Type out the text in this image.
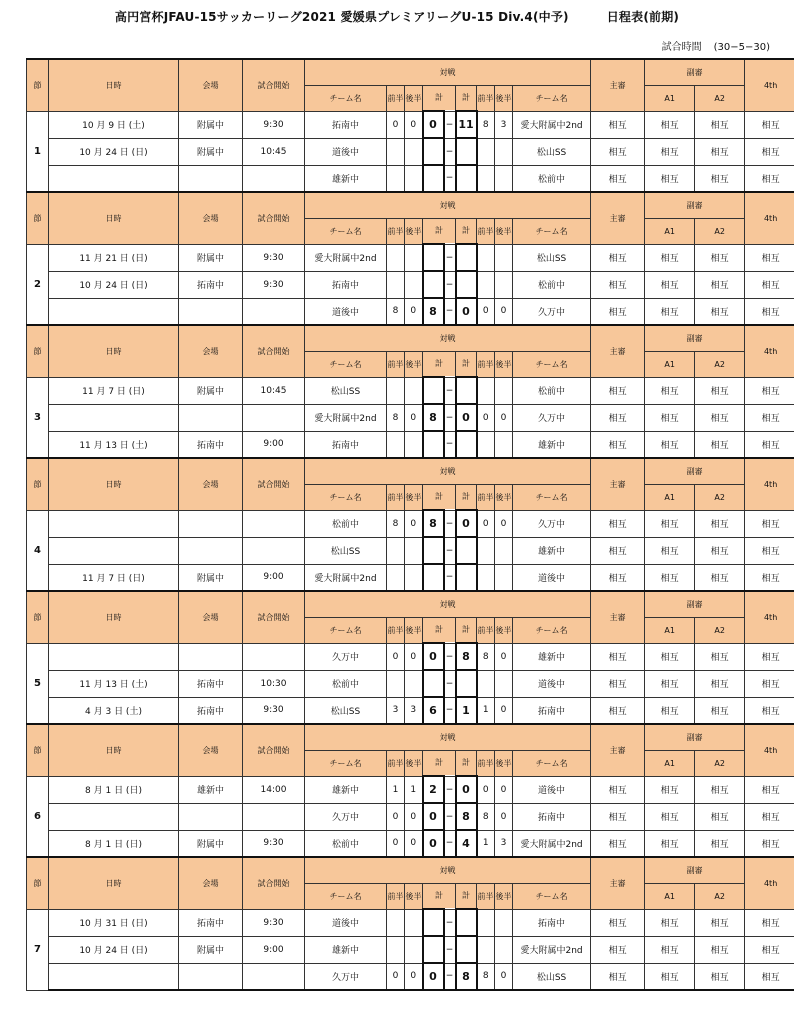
高円宮杯JFAU-15サッカーリーグ2021 愛媛県プレミアリーグU-15 Div.4(中予)	日程表(前期)
試合時間 (30−5−30)
節	日時	会場	試合開始	対戦									主審	副審		4th
				チーム名	前半	後半	計		計	前半	後半	チーム名		A1	A2	
1	10 月 9 日 (土)	附属中	9:30	拓南中	0	0	0	−	11	8	3	愛大附属中2nd	相互	相互	相互	相互
	10 月 24 日 (日)	附属中	10:45	道後中				−				松山SS	相互	相互	相互	相互
				雄新中				−				松前中	相互	相互	相互	相互
節	日時	会場	試合開始	対戦									主審	副審		4th
				チーム名	前半	後半	計		計	前半	後半	チーム名		A1	A2	
2	11 月 21 日 (日)	附属中	9:30	愛大附属中2nd				−				松山SS	相互	相互	相互	相互
	10 月 24 日 (日)	拓南中	9:30	拓南中				−				松前中	相互	相互	相互	相互
				道後中	8	0	8	−	0	0	0	久万中	相互	相互	相互	相互
節	日時	会場	試合開始	対戦									主審	副審		4th
				チーム名	前半	後半	計		計	前半	後半	チーム名		A1	A2	
3	11 月 7 日 (日)	附属中	10:45	松山SS				−				松前中	相互	相互	相互	相互
				愛大附属中2nd	8	0	8	−	0	0	0	久万中	相互	相互	相互	相互
	11 月 13 日 (土)	拓南中	9:00	拓南中				−				雄新中	相互	相互	相互	相互
節	日時	会場	試合開始	対戦									主審	副審		4th
				チーム名	前半	後半	計		計	前半	後半	チーム名		A1	A2	
4				松前中	8	0	8	−	0	0	0	久万中	相互	相互	相互	相互
				松山SS				−				雄新中	相互	相互	相互	相互
	11 月 7 日 (日)	附属中	9:00	愛大附属中2nd				−				道後中	相互	相互	相互	相互
節	日時	会場	試合開始	対戦									主審	副審		4th
				チーム名	前半	後半	計		計	前半	後半	チーム名		A1	A2	
5				久万中	0	0	0	−	8	8	0	雄新中	相互	相互	相互	相互
	11 月 13 日 (土)	拓南中	10:30	松前中				−				道後中	相互	相互	相互	相互
	4 月 3 日 (土)	拓南中	9:30	松山SS	3	3	6	−	1	1	0	拓南中	相互	相互	相互	相互
節	日時	会場	試合開始	対戦									主審	副審		4th
				チーム名	前半	後半	計		計	前半	後半	チーム名		A1	A2	
6	8 月 1 日 (日)	雄新中	14:00	雄新中	1	1	2	−	0	0	0	道後中	相互	相互	相互	相互
				久万中	0	0	0	−	8	8	0	拓南中	相互	相互	相互	相互
	8 月 1 日 (日)	附属中	9:30	松前中	0	0	0	−	4	1	3	愛大附属中2nd	相互	相互	相互	相互
節	日時	会場	試合開始	対戦									主審	副審		4th
				チーム名	前半	後半	計		計	前半	後半	チーム名		A1	A2	
7	10 月 31 日 (日)	拓南中	9:30	道後中				−				拓南中	相互	相互	相互	相互
	10 月 24 日 (日)	附属中	9:00	雄新中				−				愛大附属中2nd	相互	相互	相互	相互
				久万中	0	0	0	−	8	8	0	松山SS	相互	相互	相互	相互
